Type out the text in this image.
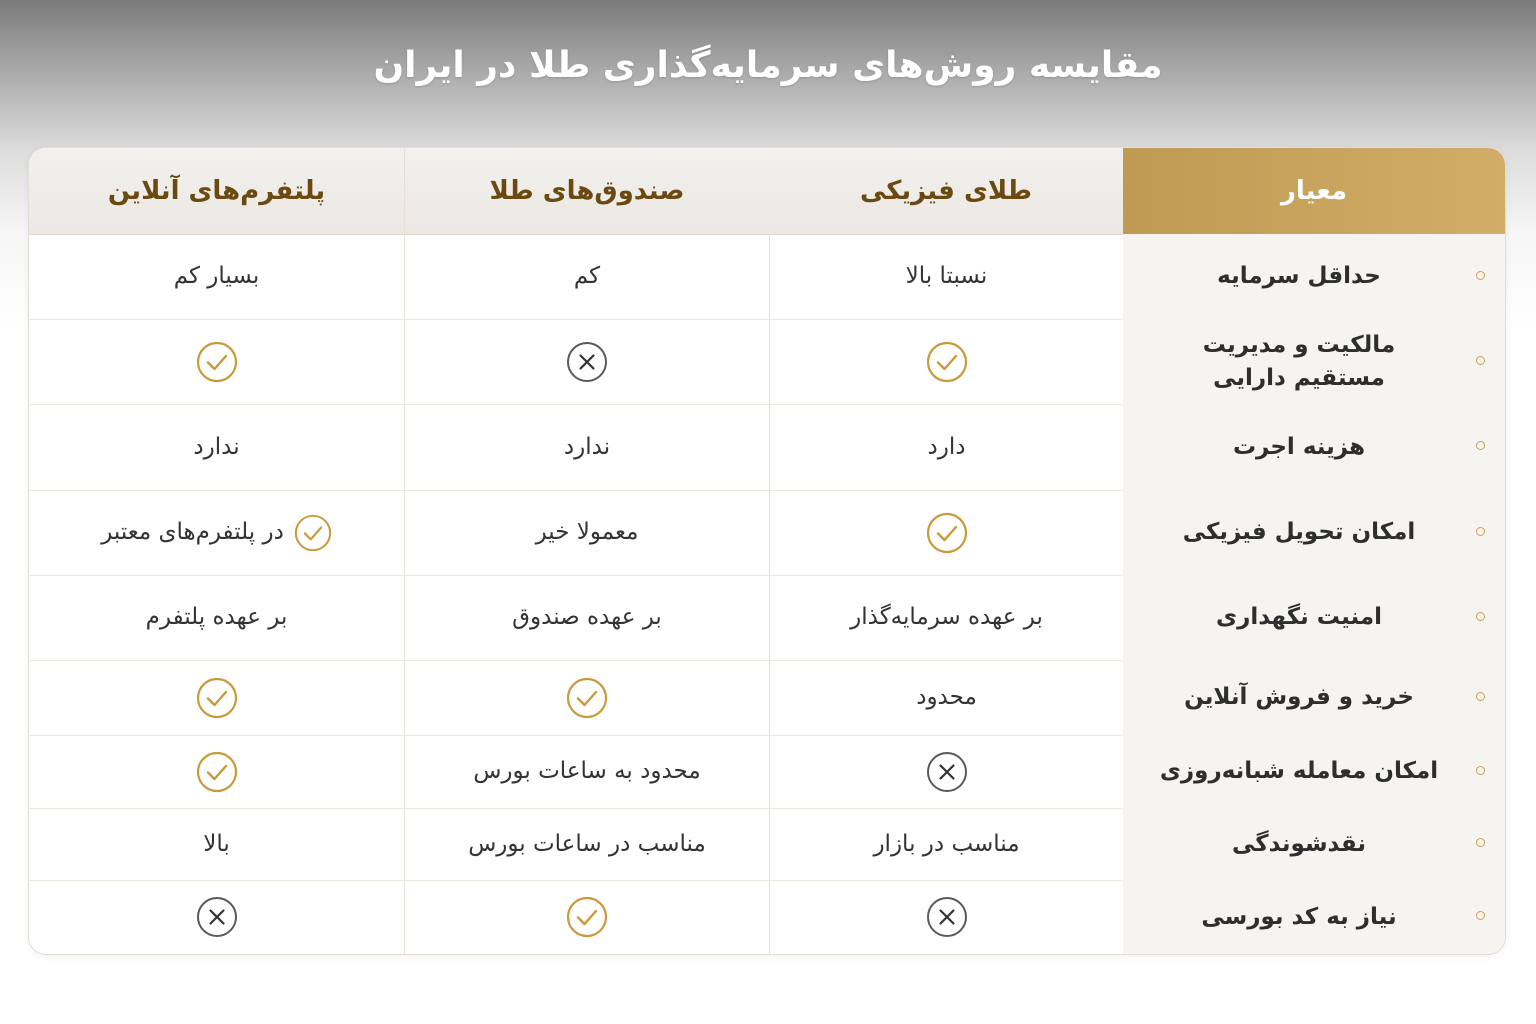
مقایسه روش‌های سرمایه‌گذاری طلا در ایران
معیار
طلای فیزیکی
صندوق‌های طلا
پلتفرم‌های آنلاین
حداقل سرمایه
نسبتا بالا
کم
بسیار کم
مالکیت و مدیریت مستقیم دارایی
هزینه اجرت
دارد
ندارد
ندارد
امکان تحویل فیزیکی
معمولا خیر
در پلتفرم‌های معتبر
امنیت نگهداری
بر عهده سرمایه‌گذار
بر عهده صندوق
بر عهده پلتفرم
خرید و فروش آنلاین
محدود
امکان معامله شبانه‌روزی
محدود به ساعات بورس
نقدشوندگی
مناسب در بازار
مناسب در ساعات بورس
بالا
نیاز به کد بورسی
